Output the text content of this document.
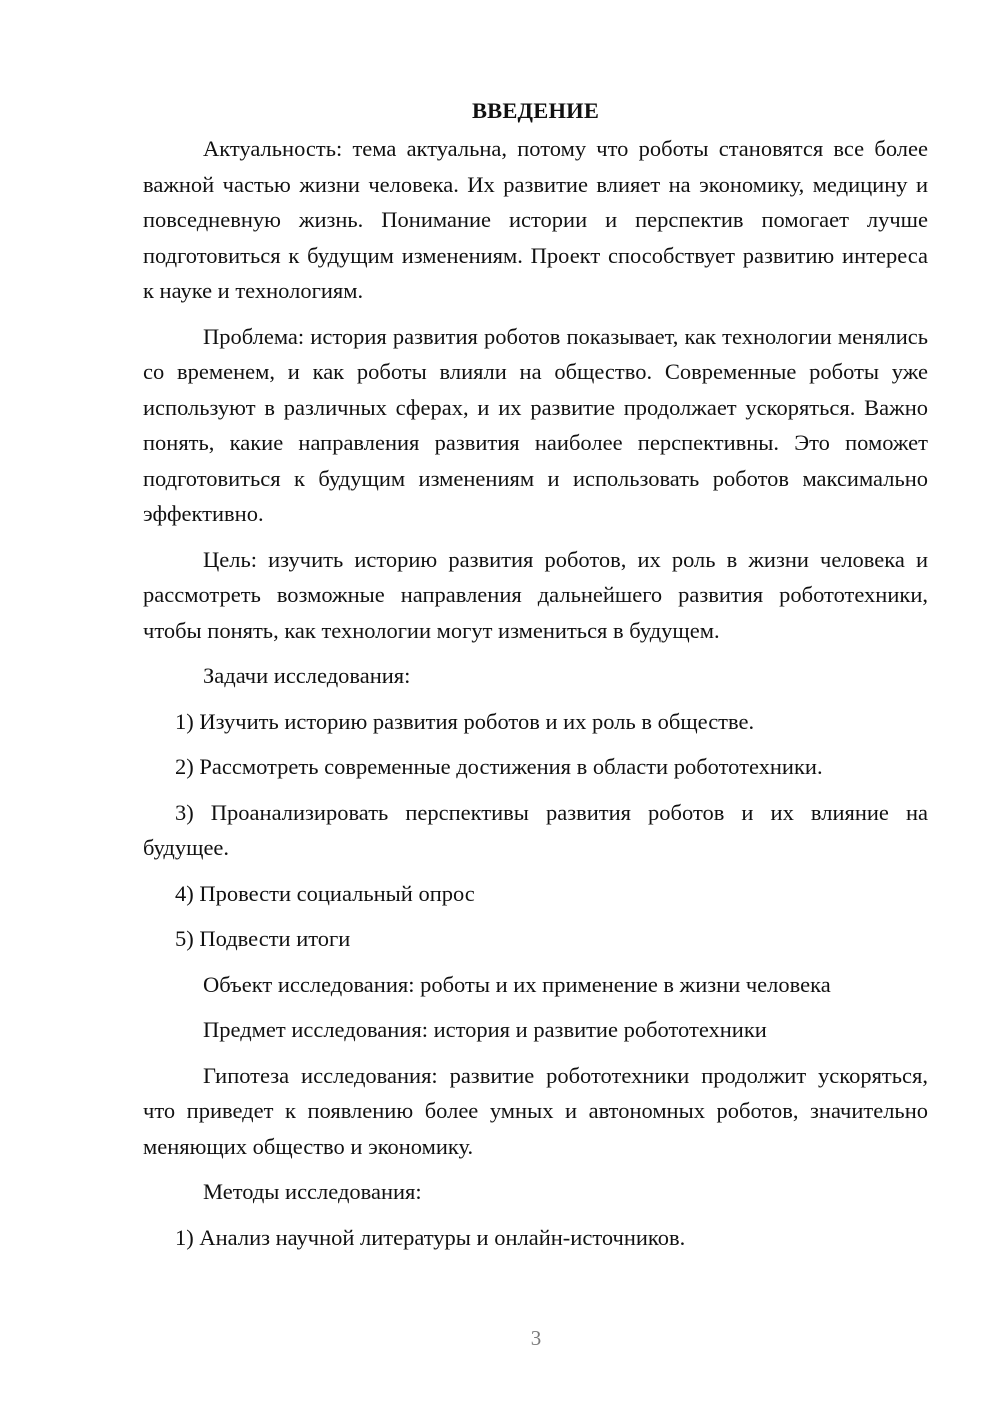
ВВЕДЕНИЕ

Актуальность: тема актуальна, потому что роботы становятся все более важной частью жизни человека. Их развитие влияет на экономику, медицину и повседневную жизнь. Понимание истории и перспектив помогает лучше подготовиться к будущим изменениям. Проект способствует развитию интереса к науке и технологиям.

Проблема: история развития роботов показывает, как технологии менялись со временем, и как роботы влияли на общество. Современные роботы уже используют в различных сферах, и их развитие продолжает ускоряться. Важно понять, какие направления развития наиболее перспективны. Это поможет подготовиться к будущим изменениям и использовать роботов максимально эффективно.

Цель: изучить историю развития роботов, их роль в жизни человека и рассмотреть возможные направления дальнейшего развития робототехники, чтобы понять, как технологии могут измениться в будущем.

Задачи исследования:

1) Изучить историю развития роботов и их роль в обществе.

2) Рассмотреть современные достижения в области робототехники.

3) Проанализировать перспективы развития роботов и их влияние на будущее.

4) Провести социальный опрос

5) Подвести итоги

Объект исследования: роботы и их применение в жизни человека

Предмет исследования: история и развитие робототехники

Гипотеза исследования: развитие робототехники продолжит ускоряться, что приведет к появлению более умных и автономных роботов, значительно меняющих общество и экономику.

Методы исследования:

1) Анализ научной литературы и онлайн-источников.

3
